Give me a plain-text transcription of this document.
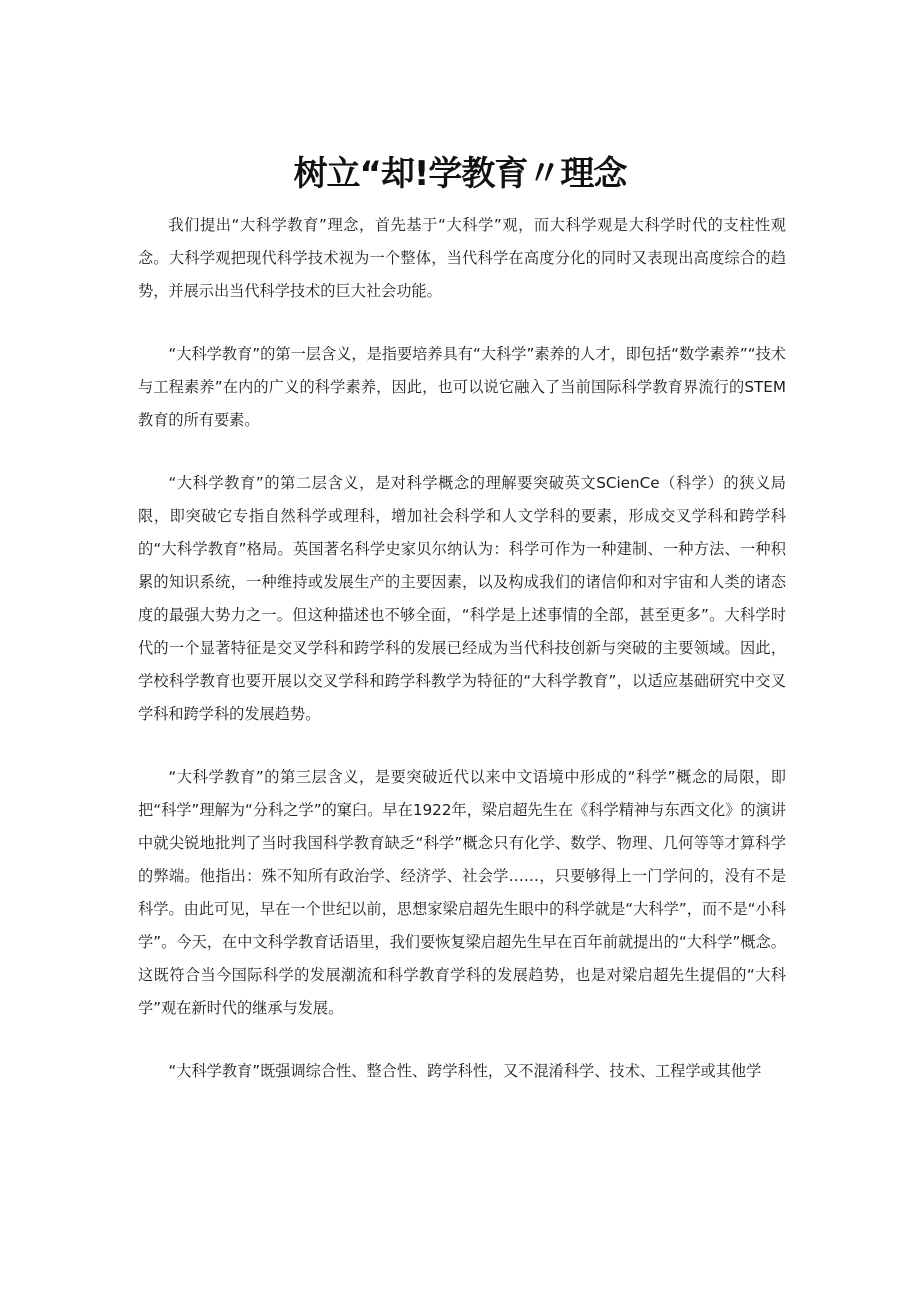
树立“却!学教育〃理念

我们提出“大科学教育”理念，首先基于“大科学”观，而大科学观是大科学时代的支柱性观念。大科学观把现代科学技术视为一个整体，当代科学在高度分化的同时又表现出高度综合的趋势，并展示出当代科学技术的巨大社会功能。

“大科学教育”的第一层含义，是指要培养具有“大科学”素养的人才，即包括“数学素养”“技术与工程素养”在内的广义的科学素养，因此，也可以说它融入了当前国际科学教育界流行的STEM教育的所有要素。

“大科学教育”的第二层含义，是对科学概念的理解要突破英文SCienCe（科学）的狭义局限，即突破它专指自然科学或理科，增加社会科学和人文学科的要素，形成交叉学科和跨学科的“大科学教育”格局。英国著名科学史家贝尔纳认为：科学可作为一种建制、一种方法、一种积累的知识系统，一种维持或发展生产的主要因素，以及构成我们的诸信仰和对宇宙和人类的诸态度的最强大势力之一。但这种描述也不够全面，“科学是上述事情的全部，甚至更多”。大科学时代的一个显著特征是交叉学科和跨学科的发展已经成为当代科技创新与突破的主要领域。因此，学校科学教育也要开展以交叉学科和跨学科教学为特征的“大科学教育”，以适应基础研究中交叉学科和跨学科的发展趋势。

“大科学教育”的第三层含义，是要突破近代以来中文语境中形成的“科学”概念的局限，即把“科学”理解为“分科之学”的窠臼。早在1922年，梁启超先生在《科学精神与东西文化》的演讲中就尖锐地批判了当时我国科学教育缺乏“科学”概念只有化学、数学、物理、几何等等才算科学的弊端。他指出：殊不知所有政治学、经济学、社会学……，只要够得上一门学问的，没有不是科学。由此可见，早在一个世纪以前，思想家梁启超先生眼中的科学就是“大科学”，而不是“小科学”。今天，在中文科学教育话语里，我们要恢复梁启超先生早在百年前就提出的“大科学”概念。这既符合当今国际科学的发展潮流和科学教育学科的发展趋势，也是对梁启超先生提倡的“大科学”观在新时代的继承与发展。

“大科学教育”既强调综合性、整合性、跨学科性，又不混淆科学、技术、工程学或其他学
